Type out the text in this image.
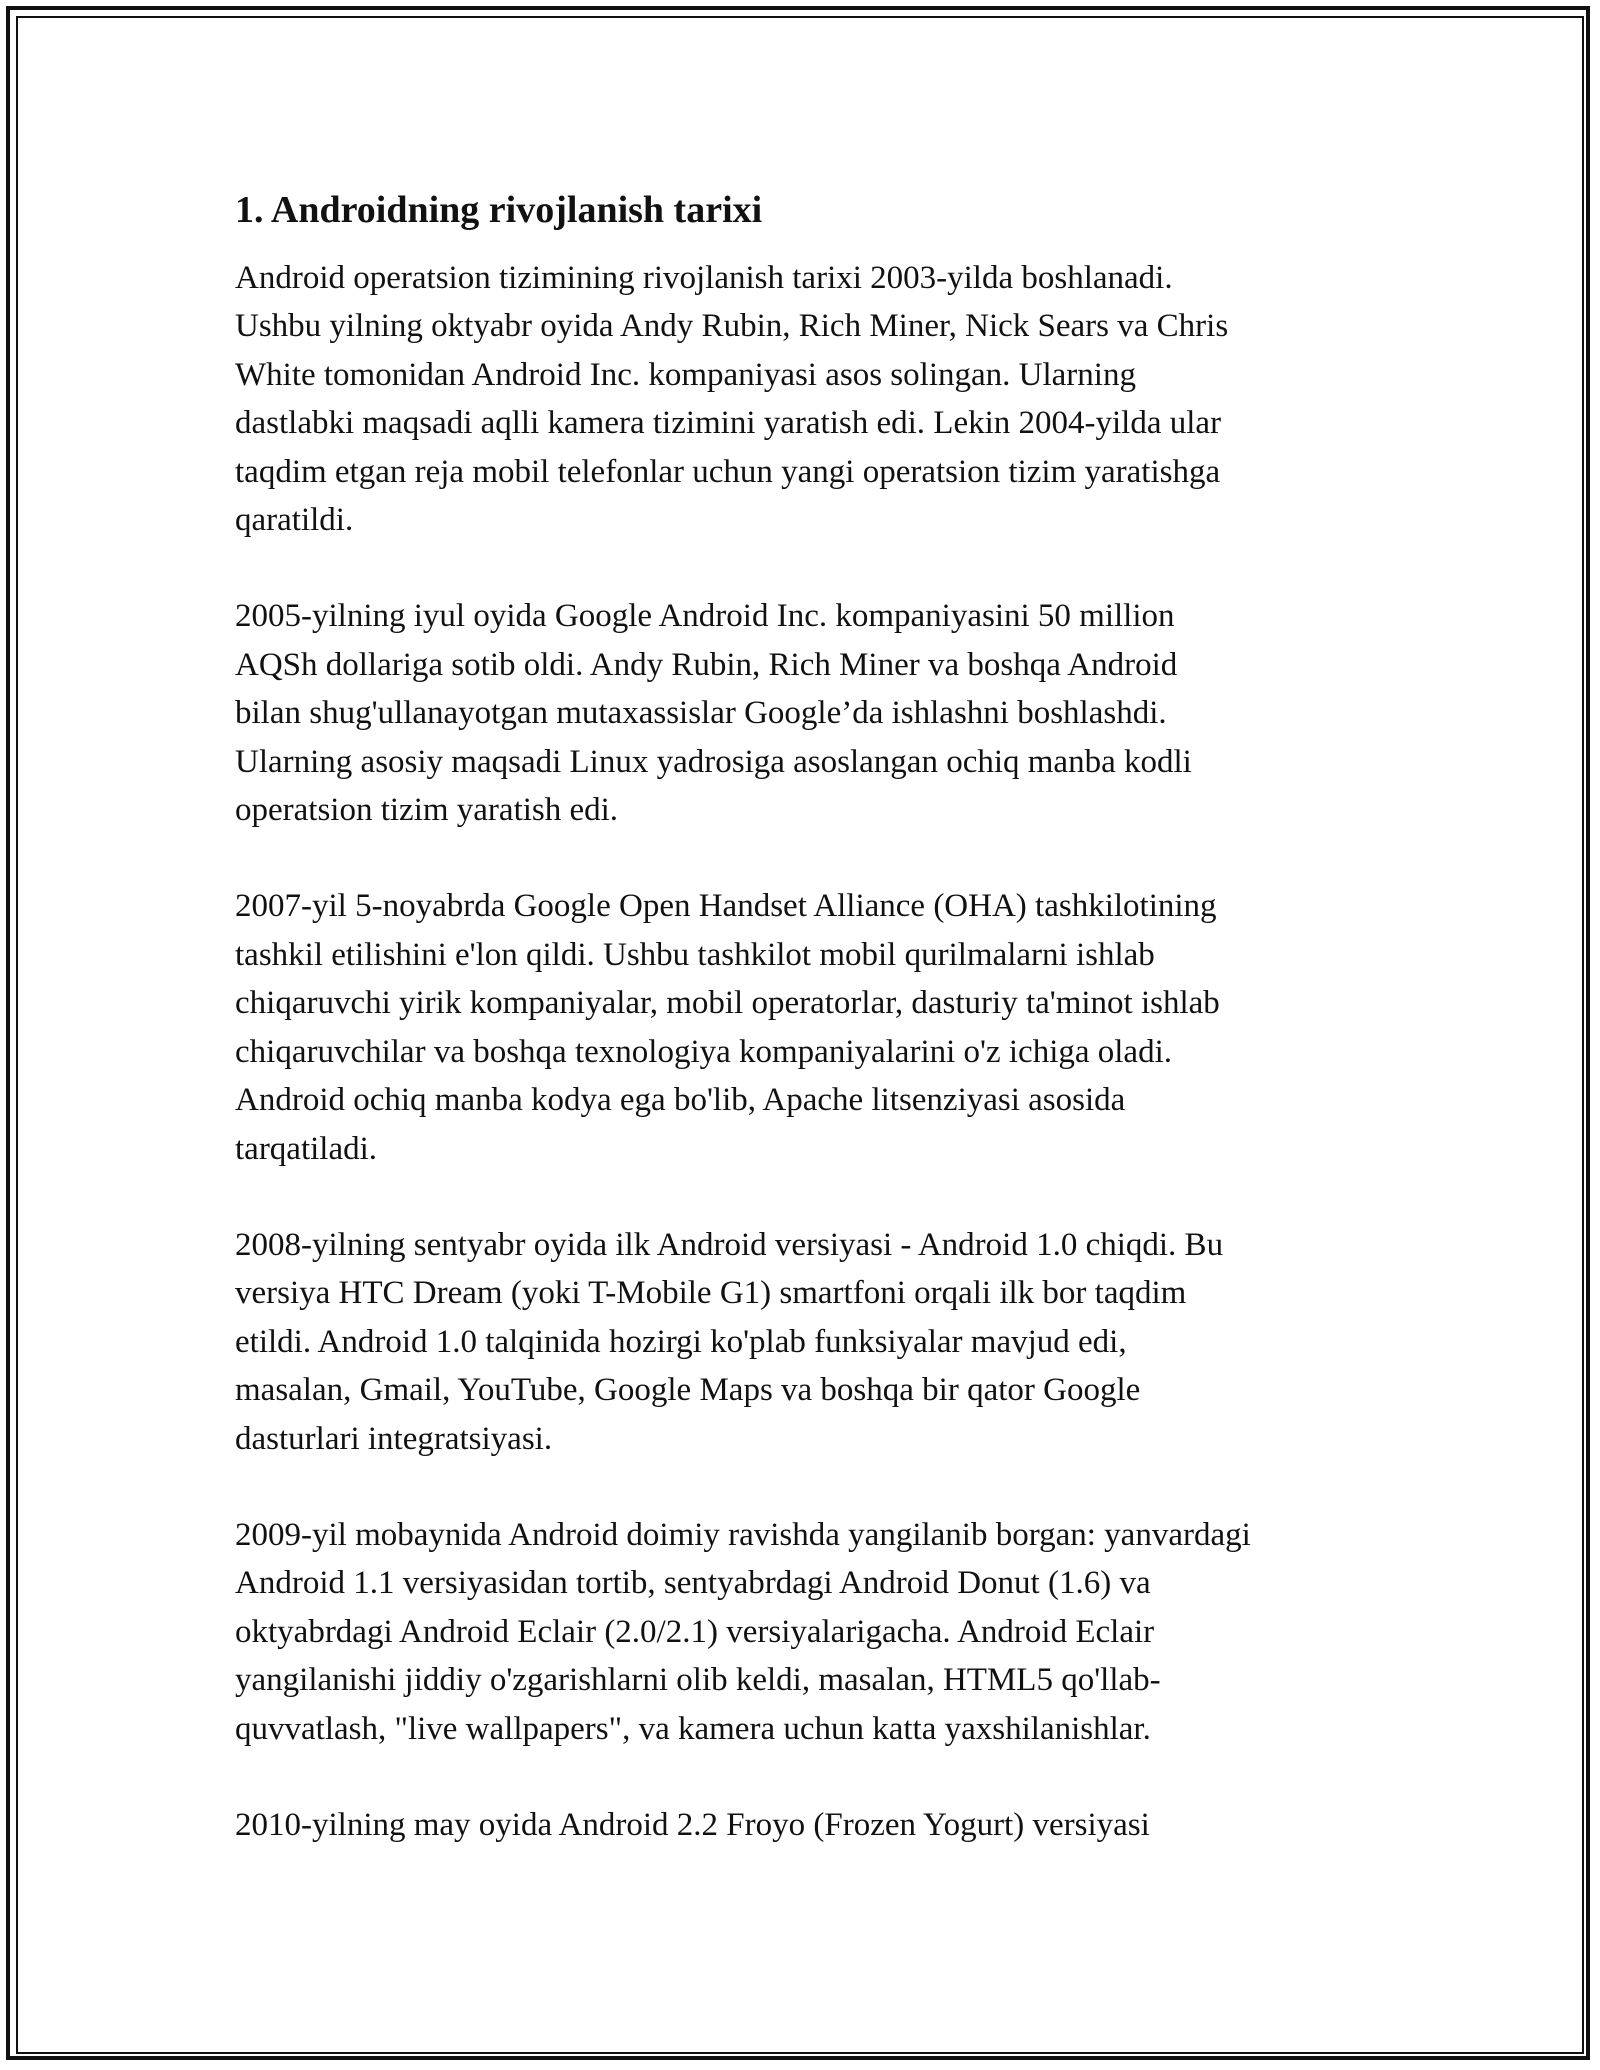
1. Androidning rivojlanish tarixi

Android operatsion tizimining rivojlanish tarixi 2003-yilda boshlanadi.
Ushbu yilning oktyabr oyida Andy Rubin, Rich Miner, Nick Sears va Chris
White tomonidan Android Inc. kompaniyasi asos solingan. Ularning
dastlabki maqsadi aqlli kamera tizimini yaratish edi. Lekin 2004-yilda ular
taqdim etgan reja mobil telefonlar uchun yangi operatsion tizim yaratishga
qaratildi.

2005-yilning iyul oyida Google Android Inc. kompaniyasini 50 million
AQSh dollariga sotib oldi. Andy Rubin, Rich Miner va boshqa Android
bilan shug'ullanayotgan mutaxassislar Google’da ishlashni boshlashdi.
Ularning asosiy maqsadi Linux yadrosiga asoslangan ochiq manba kodli
operatsion tizim yaratish edi.

2007-yil 5-noyabrda Google Open Handset Alliance (OHA) tashkilotining
tashkil etilishini e'lon qildi. Ushbu tashkilot mobil qurilmalarni ishlab
chiqaruvchi yirik kompaniyalar, mobil operatorlar, dasturiy ta'minot ishlab
chiqaruvchilar va boshqa texnologiya kompaniyalarini o'z ichiga oladi.
Android ochiq manba kodya ega bo'lib, Apache litsenziyasi asosida
tarqatiladi.

2008-yilning sentyabr oyida ilk Android versiyasi - Android 1.0 chiqdi. Bu
versiya HTC Dream (yoki T-Mobile G1) smartfoni orqali ilk bor taqdim
etildi. Android 1.0 talqinida hozirgi ko'plab funksiyalar mavjud edi,
masalan, Gmail, YouTube, Google Maps va boshqa bir qator Google
dasturlari integratsiyasi.

2009-yil mobaynida Android doimiy ravishda yangilanib borgan: yanvardagi
Android 1.1 versiyasidan tortib, sentyabrdagi Android Donut (1.6) va
oktyabrdagi Android Eclair (2.0/2.1) versiyalarigacha. Android Eclair
yangilanishi jiddiy o'zgarishlarni olib keldi, masalan, HTML5 qo'llab-
quvvatlash, "live wallpapers", va kamera uchun katta yaxshilanishlar.

2010-yilning may oyida Android 2.2 Froyo (Frozen Yogurt) versiyasi
